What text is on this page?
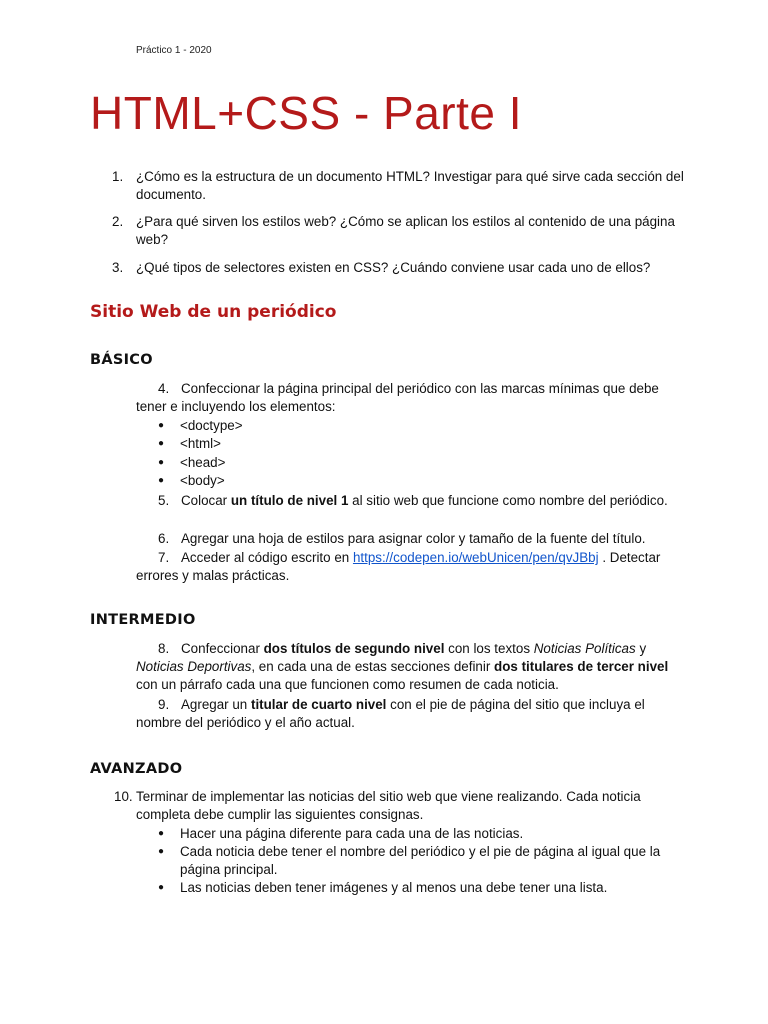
Práctico 1 - 2020
HTML+CSS - Parte I
1. ¿Cómo es la estructura de un documento HTML? Investigar para qué sirve cada sección del documento.
2. ¿Para qué sirven los estilos web? ¿Cómo se aplican los estilos al contenido de una página web?
3. ¿Qué tipos de selectores existen en CSS? ¿Cuándo conviene usar cada uno de ellos?
Sitio Web de un periódico
BÁSICO
4. Confeccionar la página principal del periódico con las marcas mínimas que debe tener e incluyendo los elementos:
● <doctype>
● <html>
● <head>
● <body>
5. Colocar un título de nivel 1 al sitio web que funcione como nombre del periódico.
6. Agregar una hoja de estilos para asignar color y tamaño de la fuente del título.
7. Acceder al código escrito en https://codepen.io/webUnicen/pen/qvJBbj . Detectar errores y malas prácticas.
INTERMEDIO
8. Confeccionar dos títulos de segundo nivel con los textos Noticias Políticas y Noticias Deportivas, en cada una de estas secciones definir dos titulares de tercer nivel con un párrafo cada una que funcionen como resumen de cada noticia.
9. Agregar un titular de cuarto nivel con el pie de página del sitio que incluya el nombre del periódico y el año actual.
AVANZADO
10. Terminar de implementar las noticias del sitio web que viene realizando. Cada noticia completa debe cumplir las siguientes consignas.
● Hacer una página diferente para cada una de las noticias.
● Cada noticia debe tener el nombre del periódico y el pie de página al igual que la página principal.
● Las noticias deben tener imágenes y al menos una debe tener una lista.
